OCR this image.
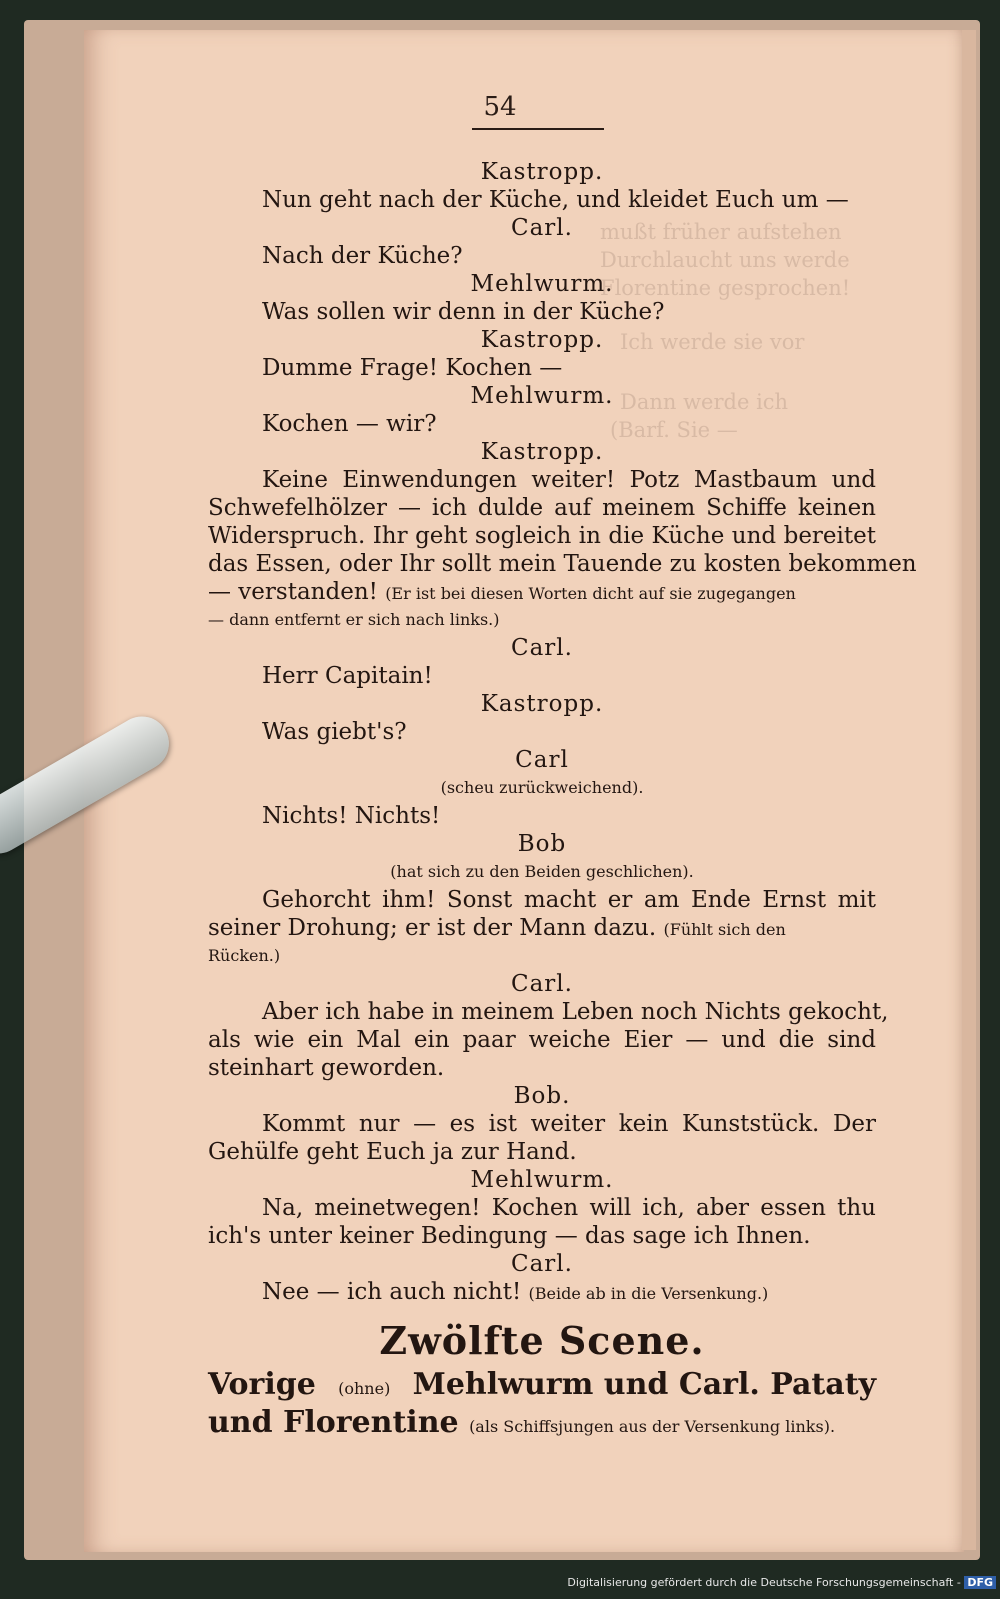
54
Kastropp.
Nun geht nach der Küche, und kleidet Euch um —
Carl.
Nach der Küche?
Mehlwurm.
Was sollen wir denn in der Küche?
Kastropp.
Dumme Frage! Kochen —
Mehlwurm.
Kochen — wir?
Kastropp.
Keine Einwendungen weiter! Potz Mastbaum und
Schwefelhölzer — ich dulde auf meinem Schiffe keinen
Widerspruch. Ihr geht sogleich in die Küche und bereitet
das Essen, oder Ihr sollt mein Tauende zu kosten bekommen
— verstanden! (Er ist bei diesen Worten dicht auf sie zugegangen
— dann entfernt er sich nach links.)
Carl.
Herr Capitain!
Kastropp.
Was giebt's?
Carl
(scheu zurückweichend).
Nichts! Nichts!
Bob
(hat sich zu den Beiden geschlichen).
Gehorcht ihm! Sonst macht er am Ende Ernst mit
seiner Drohung; er ist der Mann dazu. (Fühlt sich den
Rücken.)
Carl.
Aber ich habe in meinem Leben noch Nichts gekocht,
als wie ein Mal ein paar weiche Eier — und die sind
steinhart geworden.
Bob.
Kommt nur — es ist weiter kein Kunststück. Der
Gehülfe geht Euch ja zur Hand.
Mehlwurm.
Na, meinetwegen! Kochen will ich, aber essen thu
ich's unter keiner Bedingung — das sage ich Ihnen.
Carl.
Nee — ich auch nicht! (Beide ab in die Versenkung.)
Zwölfte Scene.
Vorige (ohne) Mehlwurm und Carl. Pataty
und Florentine (als Schiffsjungen aus der Versenkung links).
Digitalisierung gefördert durch die Deutsche Forschungsgemeinschaft - DFG
